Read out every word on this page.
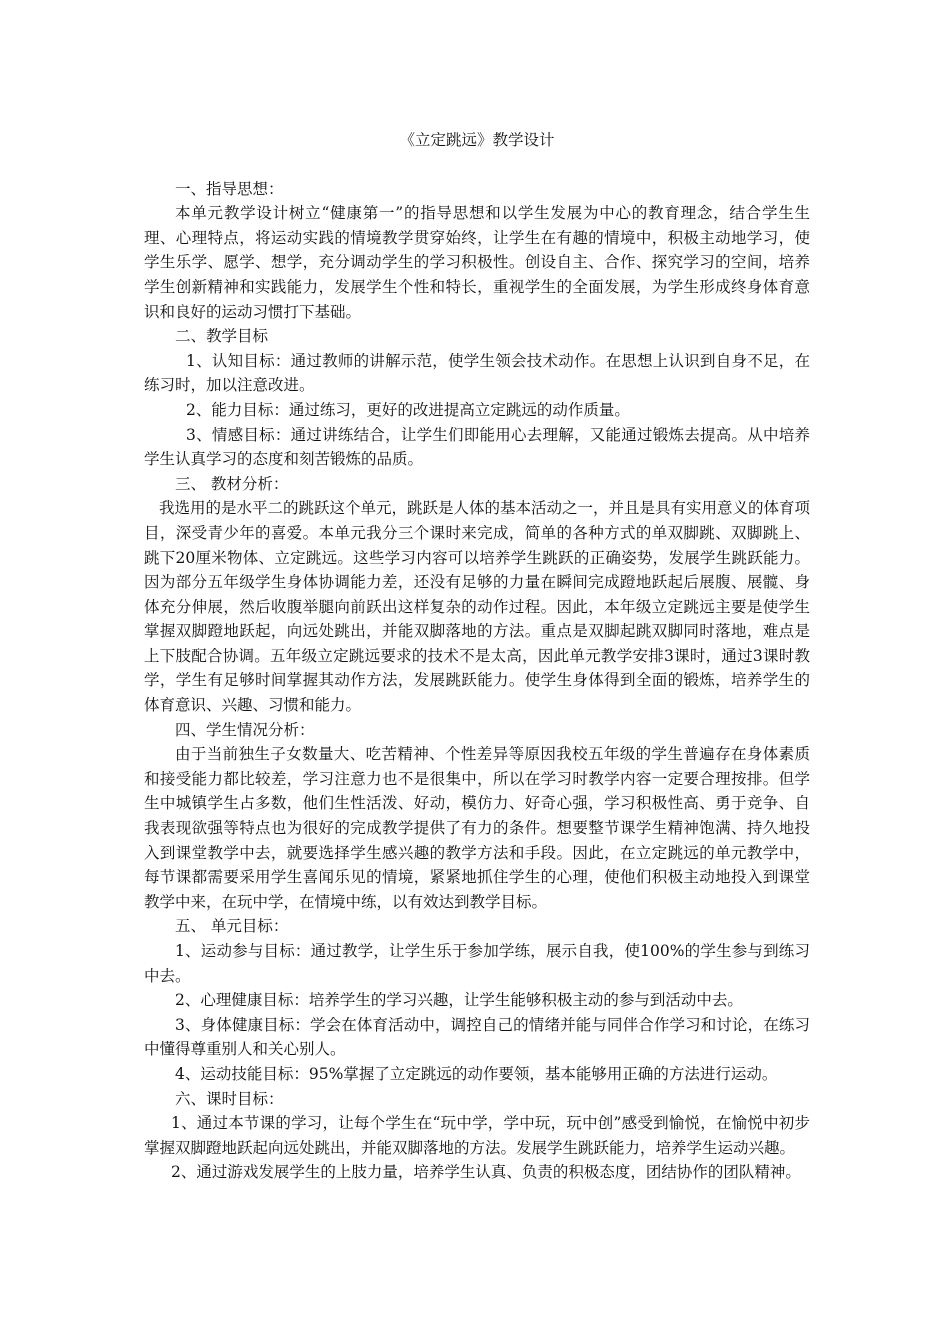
《立定跳远》教学设计

一、指导思想：

本单元教学设计树立“健康第一”的指导思想和以学生发展为中心的教育理念，结合学生生理、心理特点，将运动实践的情境教学贯穿始终，让学生在有趣的情境中，积极主动地学习，使学生乐学、愿学、想学，充分调动学生的学习积极性。创设自主、合作、探究学习的空间，培养学生创新精神和实践能力，发展学生个性和特长，重视学生的全面发展，为学生形成终身体育意识和良好的运动习惯打下基础。

二、教学目标

1、认知目标：通过教师的讲解示范，使学生领会技术动作。在思想上认识到自身不足，在练习时，加以注意改进。

2、能力目标：通过练习，更好的改进提高立定跳远的动作质量。

3、情感目标：通过讲练结合，让学生们即能用心去理解，又能通过锻炼去提高。从中培养学生认真学习的态度和刻苦锻炼的品质。

三、 教材分析：

我选用的是水平二的跳跃这个单元，跳跃是人体的基本活动之一，并且是具有实用意义的体育项目，深受青少年的喜爱。本单元我分三个课时来完成，简单的各种方式的单双脚跳、双脚跳上、跳下20厘米物体、立定跳远。这些学习内容可以培养学生跳跃的正确姿势，发展学生跳跃能力。因为部分五年级学生身体协调能力差，还没有足够的力量在瞬间完成蹬地跃起后展腹、展髋、身体充分伸展，然后收腹举腿向前跃出这样复杂的动作过程。因此，本年级立定跳远主要是使学生掌握双脚蹬地跃起，向远处跳出，并能双脚落地的方法。重点是双脚起跳双脚同时落地，难点是上下肢配合协调。五年级立定跳远要求的技术不是太高，因此单元教学安排3课时，通过3课时教学，学生有足够时间掌握其动作方法，发展跳跃能力。使学生身体得到全面的锻炼，培养学生的体育意识、兴趣、习惯和能力。

四、学生情况分析：

由于当前独生子女数量大、吃苦精神、个性差异等原因我校五年级的学生普遍存在身体素质和接受能力都比较差，学习注意力也不是很集中，所以在学习时教学内容一定要合理按排。但学生中城镇学生占多数，他们生性活泼、好动，模仿力、好奇心强，学习积极性高、勇于竞争、自我表现欲强等特点也为很好的完成教学提供了有力的条件。想要整节课学生精神饱满、持久地投入到课堂教学中去，就要选择学生感兴趣的教学方法和手段。因此，在立定跳远的单元教学中，每节课都需要采用学生喜闻乐见的情境，紧紧地抓住学生的心理，使他们积极主动地投入到课堂教学中来，在玩中学，在情境中练，以有效达到教学目标。

五、 单元目标：

1、运动参与目标：通过教学，让学生乐于参加学练，展示自我，使100%的学生参与到练习中去。

2、心理健康目标：培养学生的学习兴趣，让学生能够积极主动的参与到活动中去。

3、身体健康目标：学会在体育活动中，调控自己的情绪并能与同伴合作学习和讨论，在练习中懂得尊重别人和关心别人。

4、运动技能目标：95%掌握了立定跳远的动作要领，基本能够用正确的方法进行运动。

六、课时目标：

1、通过本节课的学习，让每个学生在“玩中学，学中玩，玩中创”感受到愉悦，在愉悦中初步掌握双脚蹬地跃起向远处跳出，并能双脚落地的方法。发展学生跳跃能力，培养学生运动兴趣。

2、通过游戏发展学生的上肢力量，培养学生认真、负责的积极态度，团结协作的团队精神。
